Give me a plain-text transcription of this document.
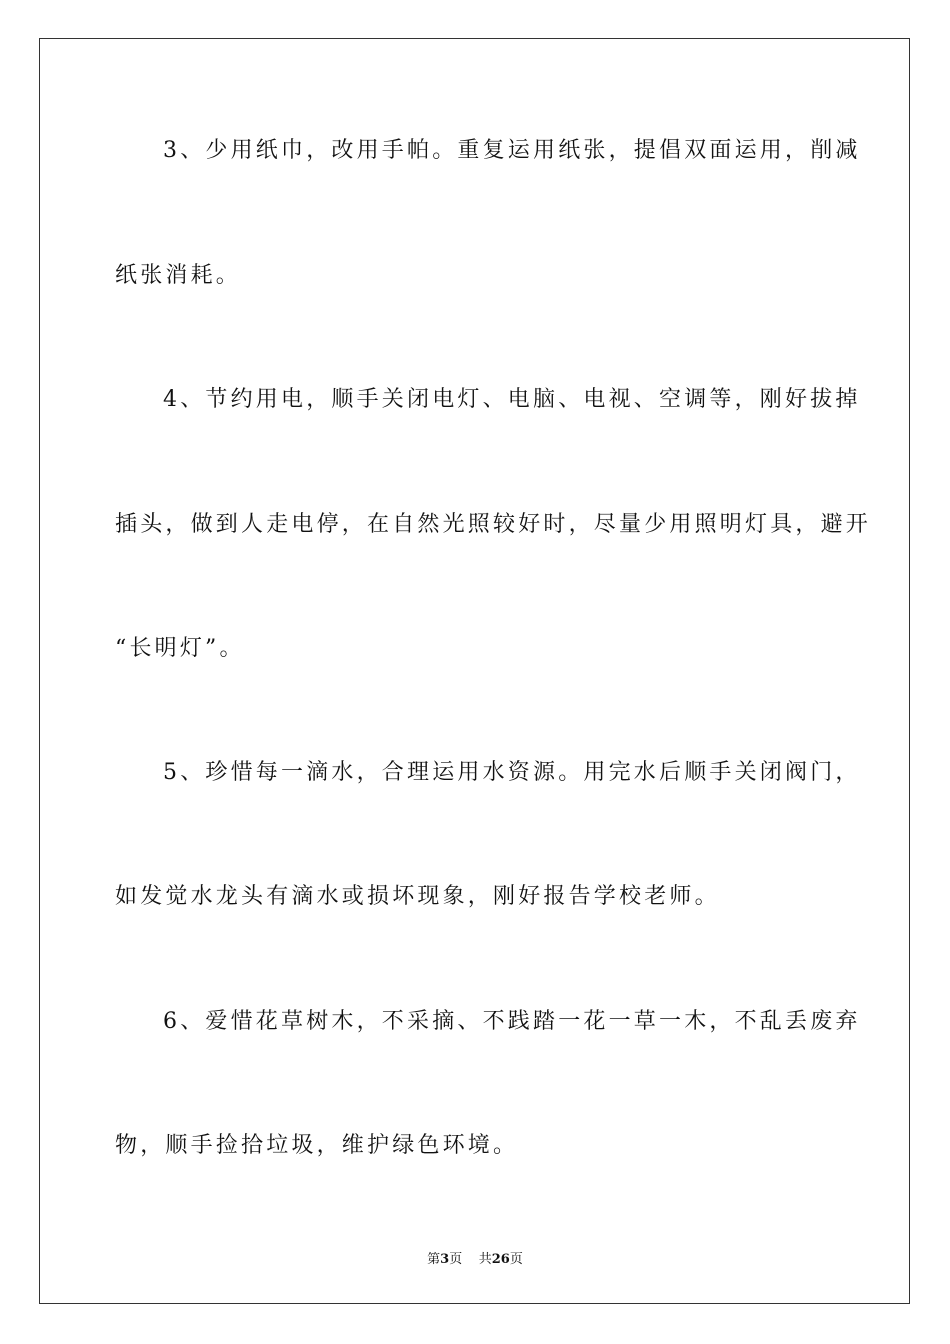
3、少用纸巾，改用手帕。重复运用纸张，提倡双面运用，削减
纸张消耗。
4、节约用电，顺手关闭电灯、电脑、电视、空调等，刚好拔掉
插头，做到人走电停，在自然光照较好时，尽量少用照明灯具，避开
“长明灯”。
5、珍惜每一滴水，合理运用水资源。用完水后顺手关闭阀门，
如发觉水龙头有滴水或损坏现象，刚好报告学校老师。
6、爱惜花草树木，不采摘、不践踏一花一草一木，不乱丢废弃
物，顺手捡拾垃圾，维护绿色环境。
第3页 共26页
